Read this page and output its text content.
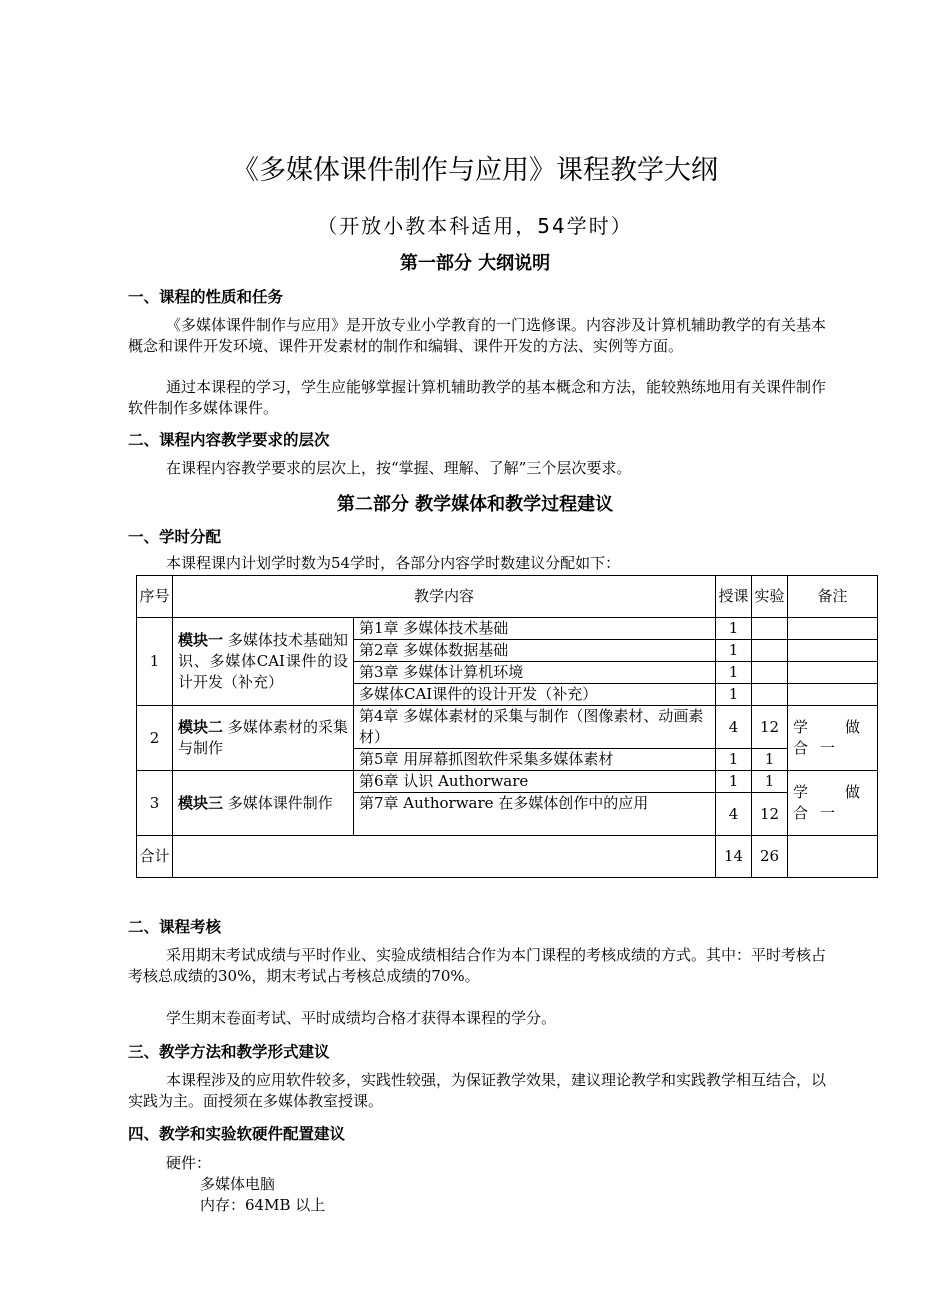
《多媒体课件制作与应用》课程教学大纲
（开放小教本科适用，54学时）
第一部分 大纲说明
一、课程的性质和任务
《多媒体课件制作与应用》是开放专业小学教育的一门选修课。内容涉及计算机辅助教学的有关基本概念和课件开发环境、课件开发素材的制作和编辑、课件开发的方法、实例等方面。
通过本课程的学习，学生应能够掌握计算机辅助教学的基本概念和方法，能较熟练地用有关课件制作软件制作多媒体课件。
二、课程内容教学要求的层次
在课程内容教学要求的层次上，按“掌握、理解、了解”三个层次要求。
第二部分 教学媒体和教学过程建议
一、学时分配
本课程课内计划学时数为54学时，各部分内容学时数建议分配如下：
序号	教学内容		授课	实验	备注
1	模块一 多媒体技术基础知识、多媒体CAI课件的设计开发（补充）	第1章 多媒体技术基础	1		
		第2章 多媒体数据基础	1		
		第3章 多媒体计算机环境	1		
		多媒体CAI课件的设计开发（补充）	1		
2	模块二 多媒体素材的采集与制作	第4章 多媒体素材的采集与制作（图像素材、动画素材）	4	12	学做合一
		第5章 用屏幕抓图软件采集多媒体素材	1	1	
3	模块三 多媒体课件制作	第6章 认识 Authorware	1	1	学做合一
		第7章 Authorware 在多媒体创作中的应用	4	12	
合计			14	26	
二、课程考核
采用期末考试成绩与平时作业、实验成绩相结合作为本门课程的考核成绩的方式。其中：平时考核占考核总成绩的30%，期末考试占考核总成绩的70%。
学生期末卷面考试、平时成绩均合格才获得本课程的学分。
三、教学方法和教学形式建议
本课程涉及的应用软件较多，实践性较强，为保证教学效果，建议理论教学和实践教学相互结合，以实践为主。面授须在多媒体教室授课。
四、教学和实验软硬件配置建议
硬件：
多媒体电脑
内存：64MB 以上
